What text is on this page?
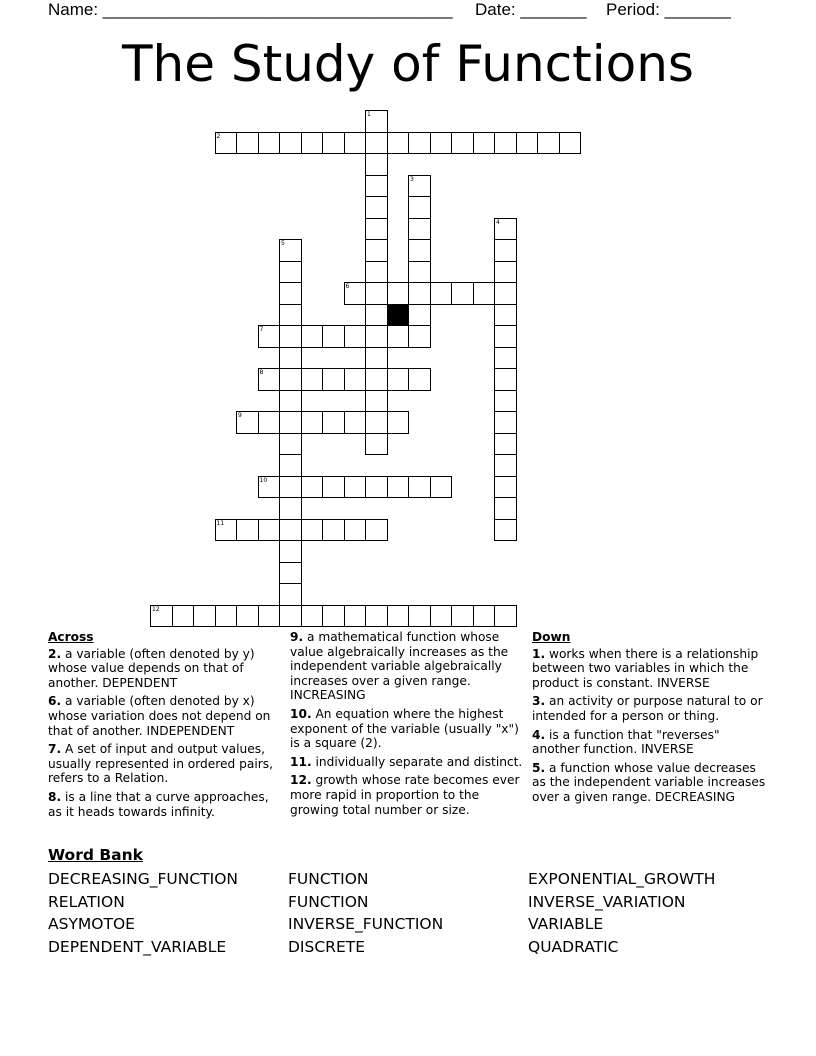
Name: _____________________________________ Date: _______ Period: _______
The Study of Functions
1
2
3
4
5
6
7
8
9
10
11
12
Across

2. a variable (often denoted by y) whose value depends on that of another. DEPENDENT

6. a variable (often denoted by x) whose variation does not depend on that of another. INDEPENDENT

7. A set of input and output values, usually represented in ordered pairs, refers to a Relation.

8. is a line that a curve approaches, as it heads towards infinity.

9. a mathematical function whose value algebraically increases as the independent variable algebraically increases over a given range. INCREASING

10. An equation where the highest exponent of the variable (usually "x") is a square (2).

11. individually separate and distinct.

12. growth whose rate becomes ever more rapid in proportion to the growing total number or size.

Down

1. works when there is a relationship between two variables in which the product is constant. INVERSE

3. an activity or purpose natural to or intended for a person or thing.

4. is a function that "reverses" another function. INVERSE

5. a function whose value decreases as the independent variable increases over a given range. DECREASING

Word Bank
DECREASING_FUNCTION
RELATION
ASYMOTOE
DEPENDENT_VARIABLE
FUNCTION
FUNCTION
INVERSE_FUNCTION
DISCRETE
EXPONENTIAL_GROWTH
INVERSE_VARIATION
VARIABLE
QUADRATIC
